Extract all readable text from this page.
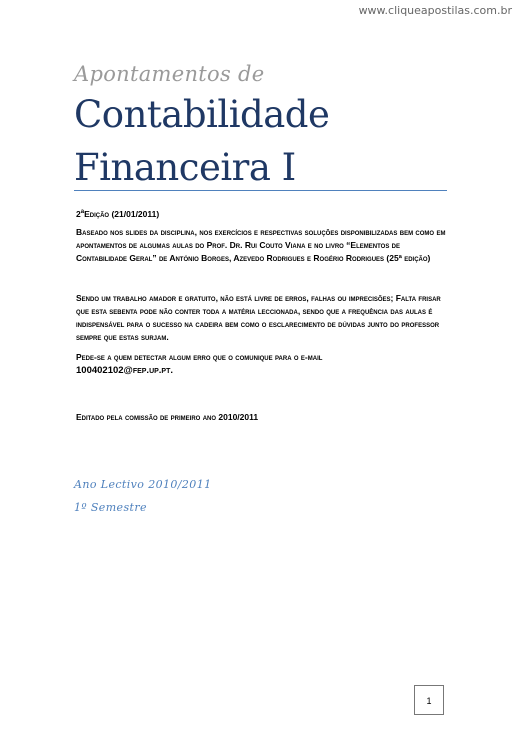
www.cliqueapostilas.com.br

Apontamentos de

Contabilidade
Financeira I
2$^a$Edição (21/01/2011)
Baseado nos slides da disciplina, nos exercícios e respectivas soluções disponibilizadas bem como em apontamentos de algumas aulas do Prof. Dr. Rui Couto Viana e no livro “Elementos de Contabilidade Geral” de António Borges, Azevedo Rodrigues e Rogério Rodrigues (25ª edição)
Sendo um trabalho amador e gratuito, não está livre de erros, falhas ou imprecisões; Falta frisar que esta sebenta pode não conter toda a matéria leccionada, sendo que a frequência das aulas é indispensável para o sucesso na cadeira bem como o esclarecimento de dúvidas junto do professor sempre que estas surjam.
Pede-se a quem detectar algum erro que o comunique para o e-mail
100402102@fep.up.pt.
Editado pela comissão de primeiro ano 2010/2011
Ano Lectivo 2010/2011
1º Semestre
1
